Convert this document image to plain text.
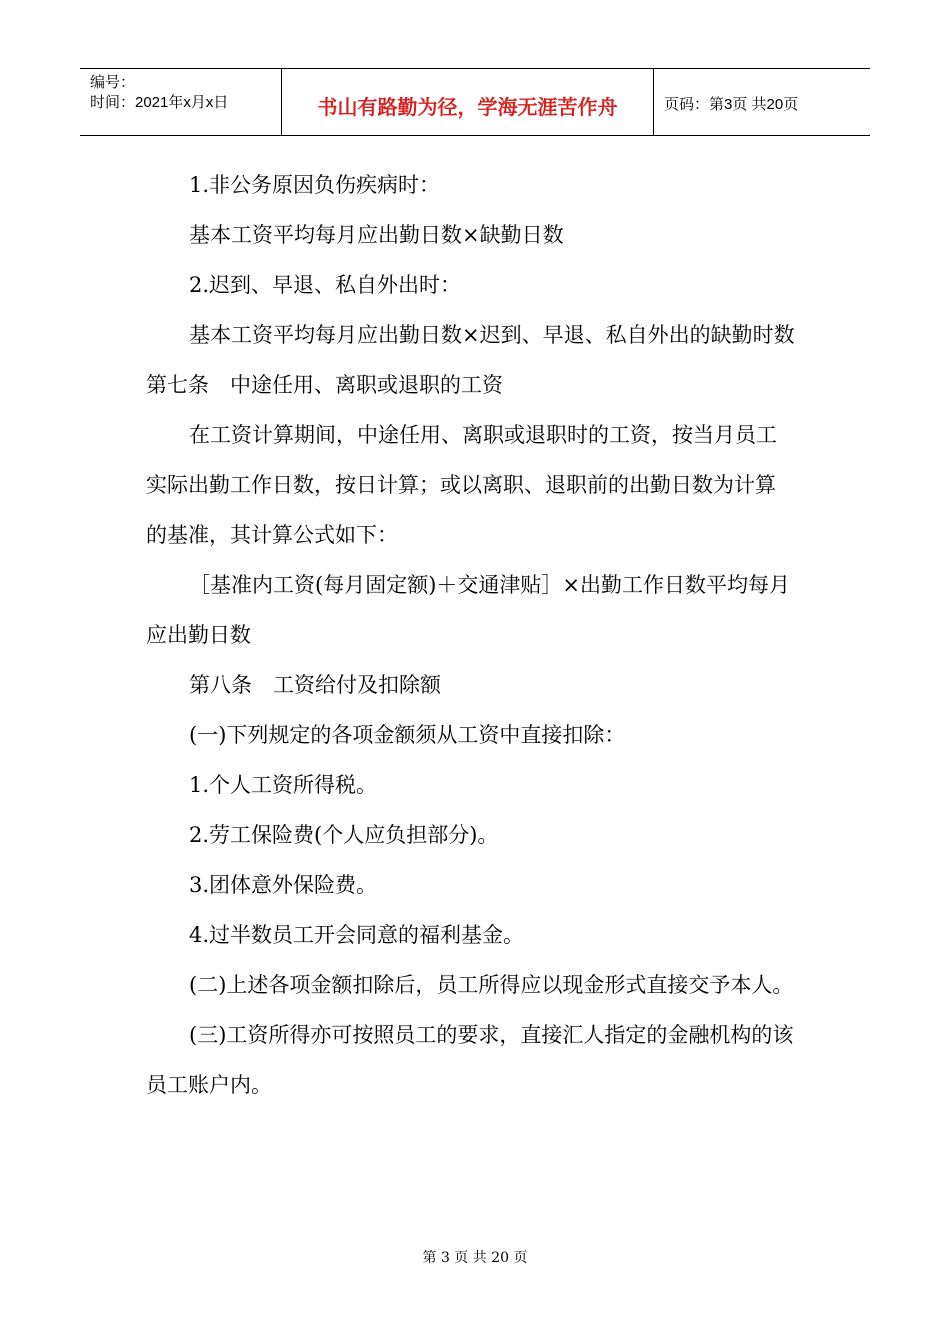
编号：
时间：2021年x月x日	书山有路勤为径，学海无涯苦作舟	页码：第3页 共20页

1.非公务原因负伤疾病时：

基本工资平均每月应出勤日数×缺勤日数

2.迟到、早退、私自外出时：

基本工资平均每月应出勤日数×迟到、早退、私自外出的缺勤时数

第七条　中途任用、离职或退职的工资

在工资计算期间，中途任用、离职或退职时的工资，按当月员工实际出勤工作日数，按日计算；或以离职、退职前的出勤日数为计算的基准，其计算公式如下：

［基准内工资(每月固定额)＋交通津贴］×出勤工作日数平均每月应出勤日数

第八条　工资给付及扣除额

(一)下列规定的各项金额须从工资中直接扣除：

1.个人工资所得税。

2.劳工保险费(个人应负担部分)。

3.团体意外保险费。

4.过半数员工开会同意的福利基金。

(二)上述各项金额扣除后，员工所得应以现金形式直接交予本人。

(三)工资所得亦可按照员工的要求，直接汇人指定的金融机构的该员工账户内。

第 3 页 共 20 页
